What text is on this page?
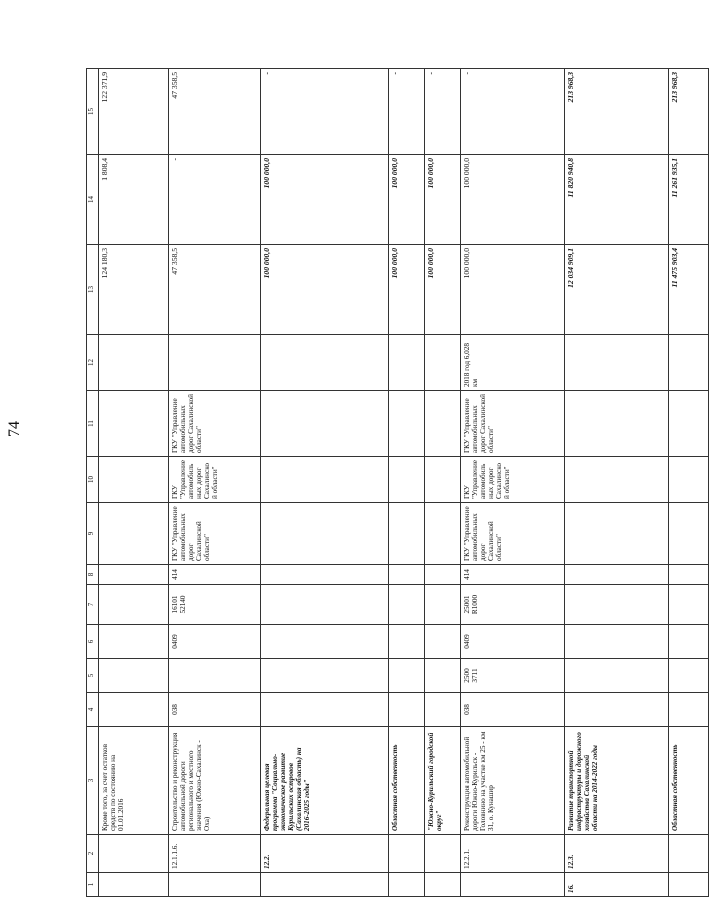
74
1	2	3	4	5	6	7	8	9	10	11	12	13	14	15
		Кроме того, за счет остатков средств по состоянию на 01.01.2016										124 180,3	1 808,4	122 371,9
	12.1.1.6.	Строительство и реконструкция автомобильной дороги регионального и местного значения (Южно-Сахалинск - Оха)	038		0409	16101 52140	414	ГКУ "Управление автомобильных дорог Сахалинской области"	ГКУ "Управление автомобильных дорог Сахалинской области"	ГКУ "Управление автомобильных дорог Сахалинской области"		47 358,5	-	47 358,5
	12.2.	Федеральная целевая программа "Социально-экономическое развитие Курильских островов (Сахалинская область) на 2016-2025 годы"										100 000,0	100 000,0	-
		Областная собственность										100 000,0	100 000,0	-
		"Южно-Курильский городской округ"										100 000,0	100 000,0	-
	12.2.1.	Реконструкция автомобильной дороги Южно-Курильск - Головнино на участке км 25 - км 31, о. Кунашир	038	2500 3711	0409	25001 R1000	414	ГКУ "Управление автомобильных дорог Сахалинской области"	ГКУ "Управление автомобильных дорог Сахалинской области"	ГКУ "Управление автомобильных дорог Сахалинской области"	2018 год 6,028 км	100 000,0	100 000,0	-
16.	12.3.	Развитие транспортной инфраструктуры и дорожного хозяйства Сахалинской области на 2014-2022 годы										12 034 909,1	11 820 940,8	213 968,3
		Областная собственность										11 475 903,4	11 261 935,1	213 968,3
